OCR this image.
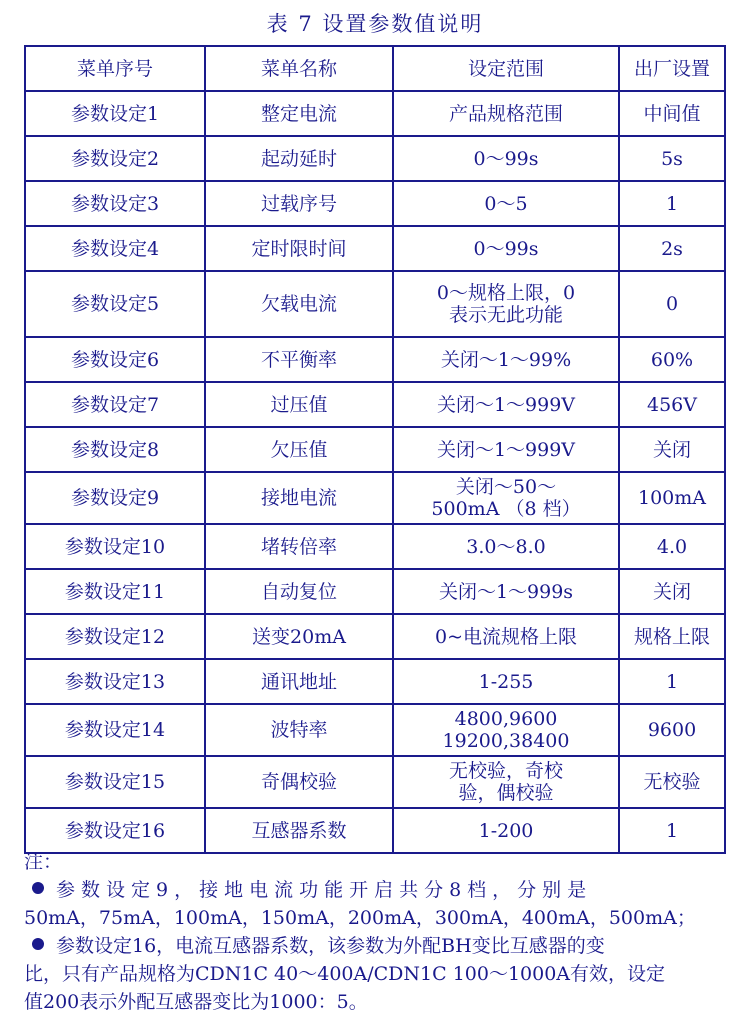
表 7 设置参数值说明
菜单序号	菜单名称	设定范围	出厂设置
参数设定1	整定电流	产品规格范围	中间值
参数设定2	起动延时	0～99s	5s
参数设定3	过载序号	0～5	1
参数设定4	定时限时间	0～99s	2s
参数设定5	欠载电流	0～规格上限，0
表示无此功能	0
参数设定6	不平衡率	关闭～1～99%	60%
参数设定7	过压值	关闭～1～999V	456V
参数设定8	欠压值	关闭～1～999V	关闭
参数设定9	接地电流	关闭～50～
500mA （8 档）	100mA
参数设定10	堵转倍率	3.0～8.0	4.0
参数设定11	自动复位	关闭～1～999s	关闭
参数设定12	送变20mA	0~电流规格上限	规格上限
参数设定13	通讯地址	1-255	1
参数设定14	波特率	4800,9600
19200,38400	9600
参数设定15	奇偶校验	无校验，奇校
验，偶校验	无校验
参数设定16	互感器系数	1-200	1
注：
参数设定9，接地电流功能开启共分8档，分别是
50mA，75mA，100mA，150mA，200mA，300mA，400mA，500mA；
参数设定16，电流互感器系数，该参数为外配BH变比互感器的变
比，只有产品规格为CDN1C 40～400A/CDN1C 100～1000A有效，设定
值200表示外配互感器变比为1000：5。
